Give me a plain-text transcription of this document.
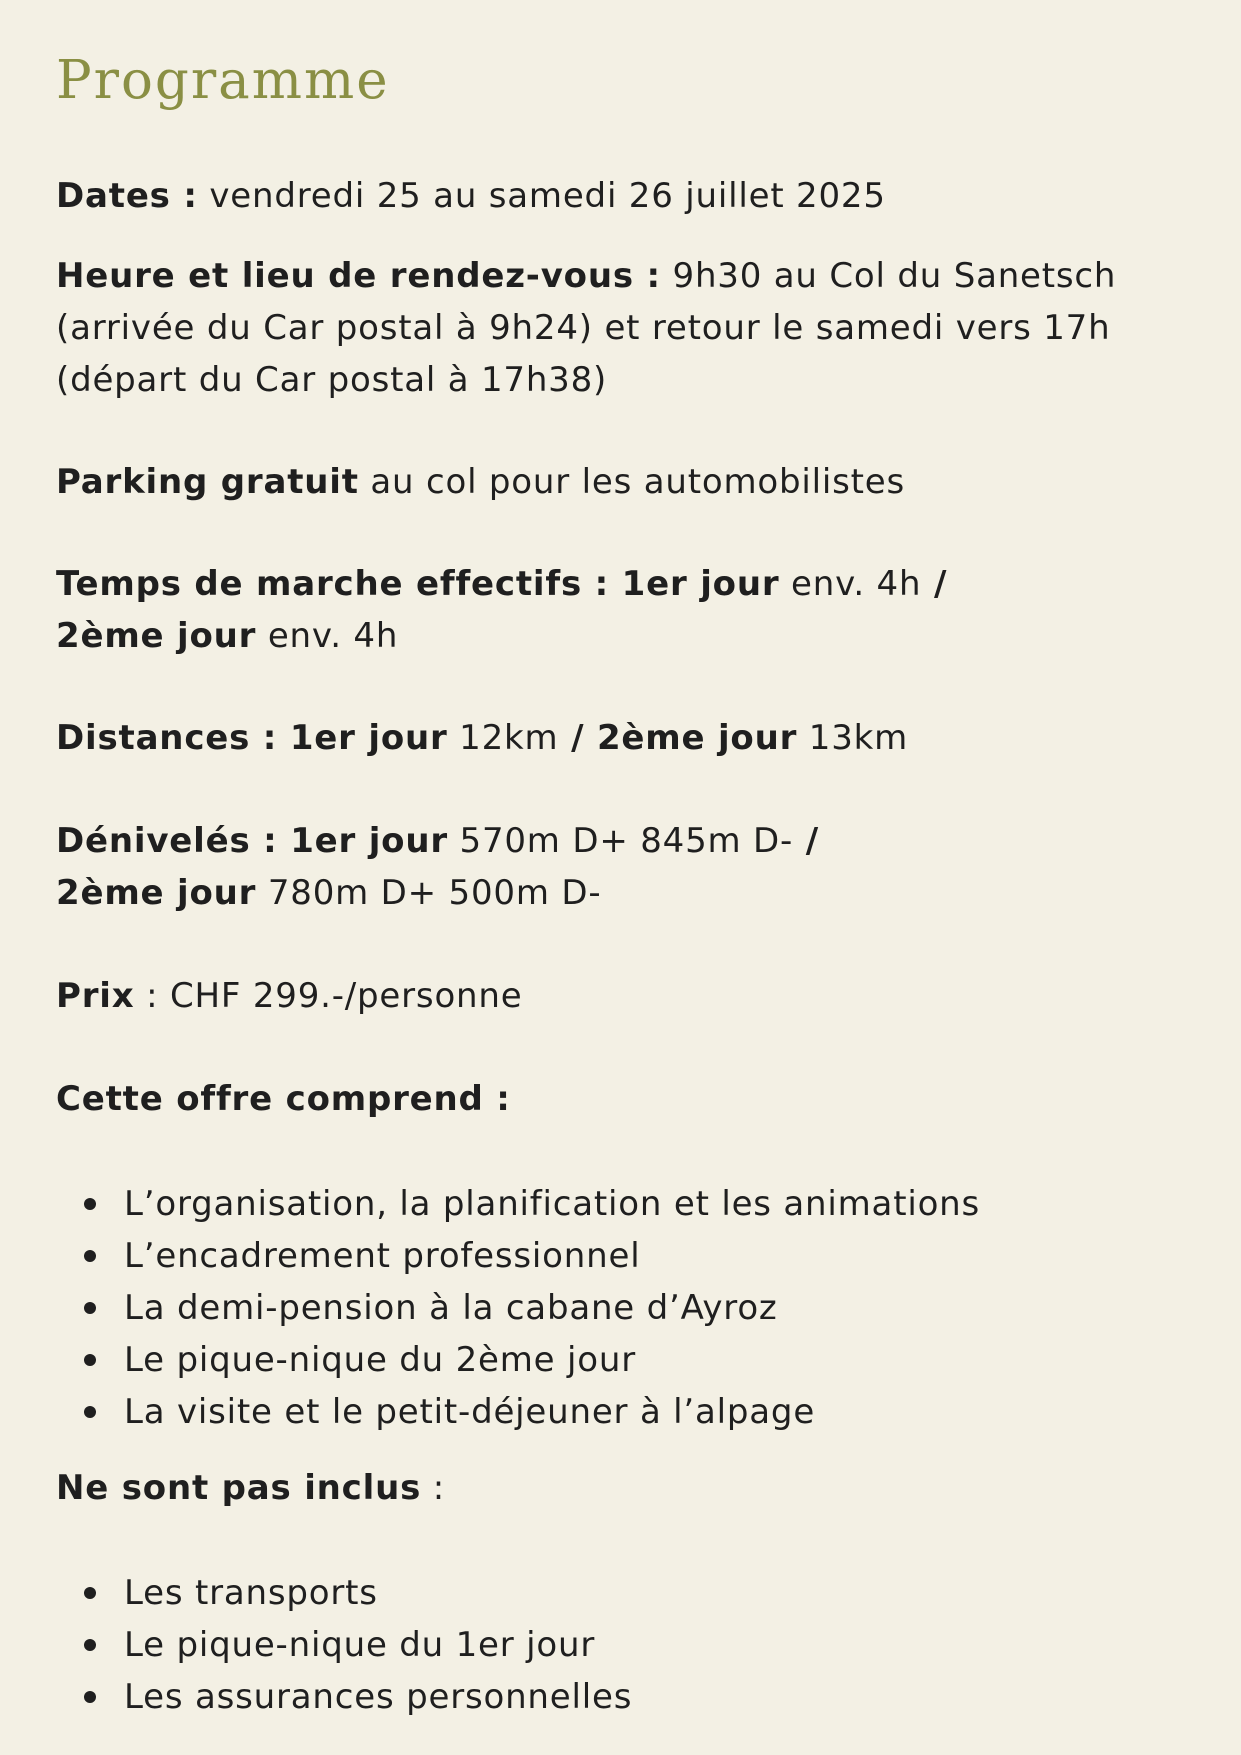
Programme

Dates : vendredi 25 au samedi 26 juillet 2025

Heure et lieu de rendez-vous : 9h30 au Col du Sanetsch

(arrivée du Car postal à 9h24) et retour le samedi vers 17h

(départ du Car postal à 17h38)

Parking gratuit au col pour les automobilistes

Temps de marche effectifs : 1er jour env. 4h /

2ème jour env. 4h

Distances : 1er jour 12km / 2ème jour 13km

Dénivelés : 1er jour 570m D+ 845m D- /

2ème jour 780m D+ 500m D-

Prix : CHF 299.-/personne

Cette offre comprend :

L’organisation, la planification et les animations
L’encadrement professionnel
La demi-pension à la cabane d’Ayroz
Le pique-nique du 2ème jour
La visite et le petit-déjeuner à l’alpage

Ne sont pas inclus :

Les transports
Le pique-nique du 1er jour
Les assurances personnelles
